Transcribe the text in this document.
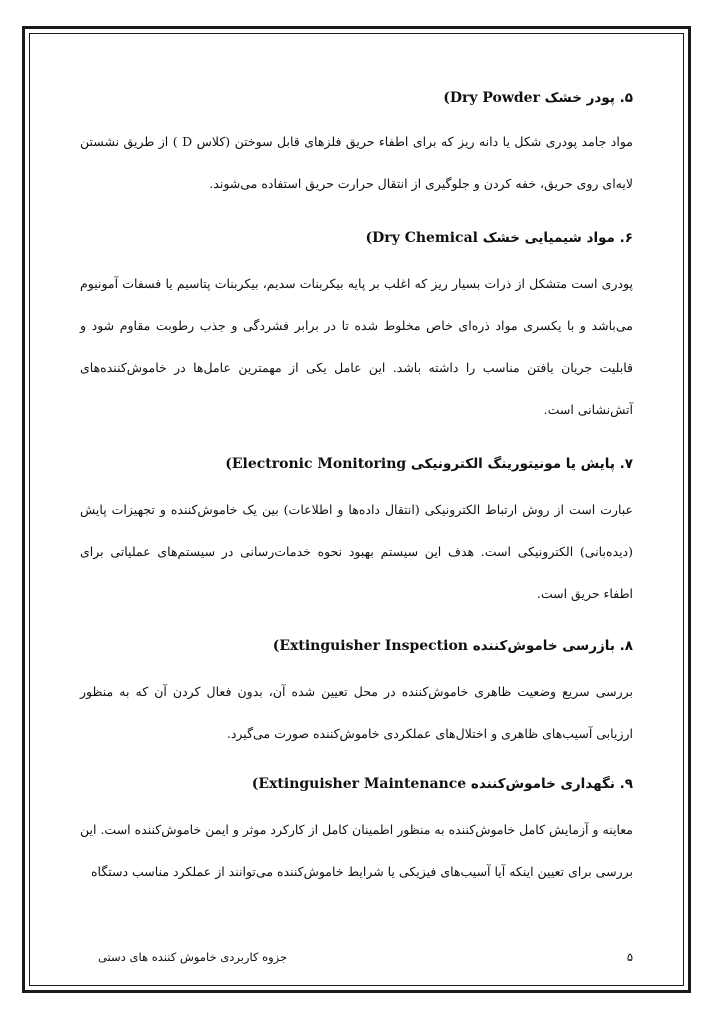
۵. پودر خشک (Dry Powder

مواد جامد پودری شکل یا دانه ریز که برای اطفاء حریق فلزهای قابل سوختن (کلاس D ) از طریق نشستن لایه‌ای روی حریق، خفه کردن و جلوگیری از انتقال حرارت حریق استفاده می‌شوند.

۶. مواد شیمیایی خشک (Dry Chemical

پودری است متشکل از ذرات بسیار ریز که اغلب بر پایه بیکربنات سدیم، بیکربنات پتاسیم یا فسفات آمونیوم می‌باشد و با یکسری مواد ذره‌ای خاص مخلوط شده تا در برابر فشردگی و جذب رطوبت مقاوم شود و قابلیت جریان یافتن مناسب را داشته باشد. این عامل یکی از مهمترین عامل‌ها در خاموش‌کننده‌های آتش‌نشانی است.

۷. پایش یا مونیتورینگ الکترونیکی (Electronic Monitoring

عبارت است از روش ارتباط الکترونیکی (انتقال داده‌ها و اطلاعات) بین یک خاموش‌کننده و تجهیزات پایش (دیده‌بانی) الکترونیکی است. هدف این سیستم بهبود نحوه خدمات‌رسانی در سیستم‌های عملیاتی برای اطفاء حریق است.

۸. بازرسی خاموش‌کننده (Extinguisher Inspection

بررسی سریع وضعیت ظاهری خاموش‌کننده در محل تعیین شده آن، بدون فعال کردن آن که به منظور ارزیابی آسیب‌های ظاهری و اختلال‌های عملکردی خاموش‌کننده صورت می‌گیرد.

۹. نگهداری خاموش‌کننده (Extinguisher Maintenance

معاینه و آزمایش کامل خاموش‌کننده به منظور اطمینان کامل از کارکرد موثر و ایمن خاموش‌کننده است. این بررسی برای تعیین اینکه آیا آسیب‌های فیزیکی یا شرایط خاموش‌کننده می‌توانند از عملکرد مناسب دستگاه

۵
جزوه کاربردی خاموش کننده های دستی
